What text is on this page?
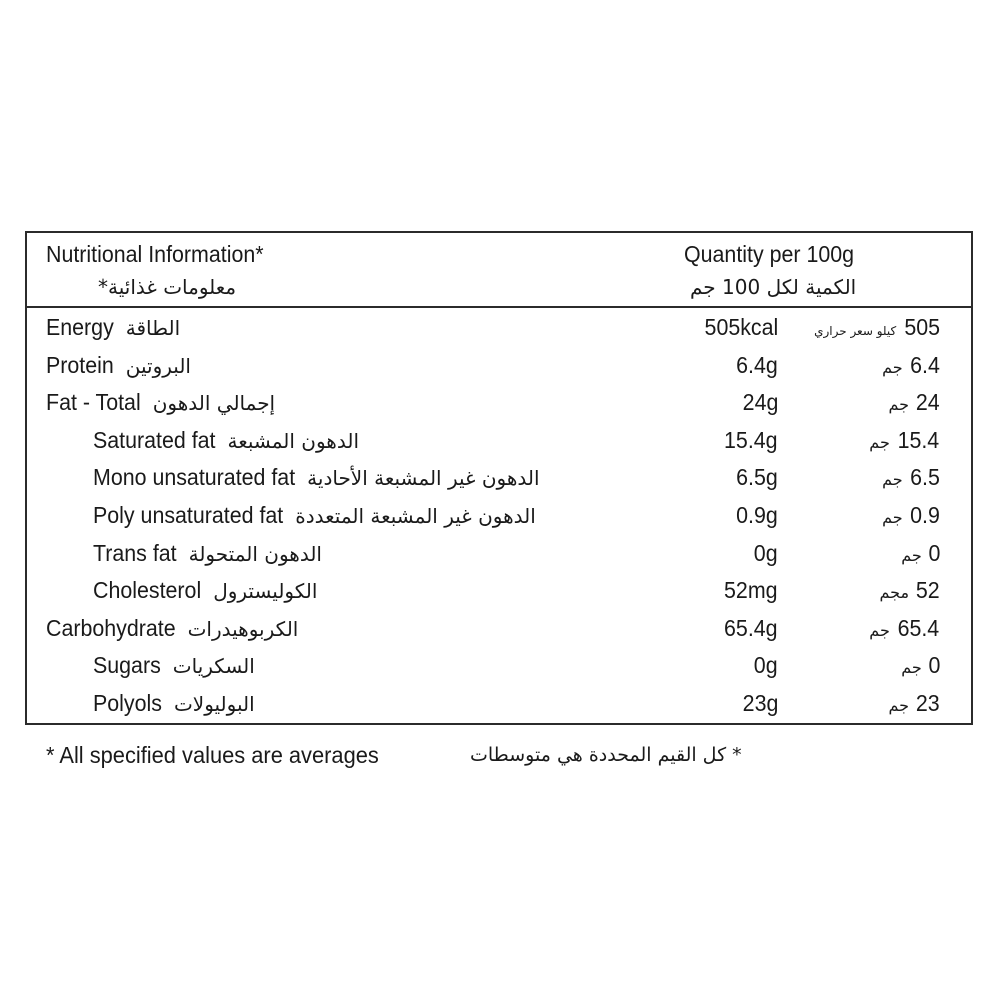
Nutritional Information*
معلومات غذائية*
Quantity per 100g
الكمية لكل 100 جم
Energy الطاقة	505kcal	505 كيلو سعر حراري
Protein البروتين	6.4g	6.4 جم
Fat - Total إجمالي الدهون	24g	24 جم
Saturated fat الدهون المشبعة	15.4g	15.4 جم
Mono unsaturated fat الدهون غير المشبعة الأحادية	6.5g	6.5 جم
Poly unsaturated fat الدهون غير المشبعة المتعددة	0.9g	0.9 جم
Trans fat الدهون المتحولة	0g	0 جم
Cholesterol الكوليسترول	52mg	52 مجم
Carbohydrate الكربوهيدرات	65.4g	65.4 جم
Sugars السكريات	0g	0 جم
Polyols البوليولات	23g	23 جم
* All specified values are averages	* كل القيم المحددة هي متوسطات
